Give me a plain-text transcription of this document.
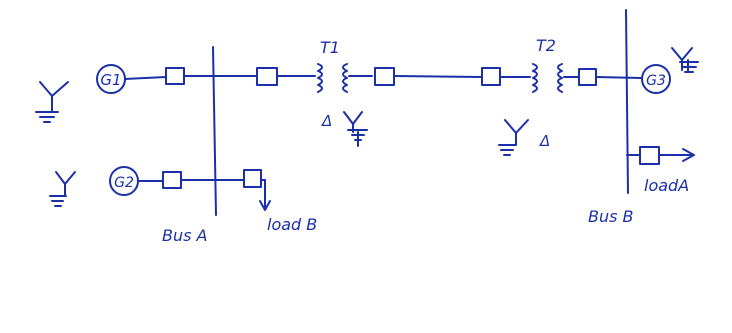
G1
T1
Δ
T2
Δ
G3
loadA
G2
load B
Bus A
Bus B
